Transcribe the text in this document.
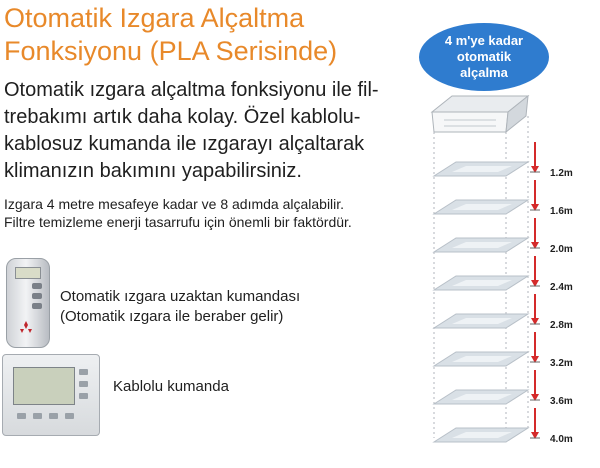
Otomatik Izgara Alçaltma
Fonksiyonu (PLA Serisinde)
Otomatik ızgara alçaltma fonksiyonu ile fil-
trebakımı artık daha kolay. Özel kablolu-
kablosuz kumanda ile ızgarayı alçaltarak
klimanızın bakımını yapabilirsiniz.
Izgara 4 metre mesafeye kadar ve 8 adımda alçalabilir.
Filtre temizleme enerji tasarrufu için önemli bir faktördür.
Otomatik ızgara uzaktan kumandası
(Otomatik ızgara ile beraber gelir)
Kablolu kumanda
4 m'ye kadar
otomatik
alçalma
1.2m
1.6m
2.0m
2.4m
2.8m
3.2m
3.6m
4.0m
